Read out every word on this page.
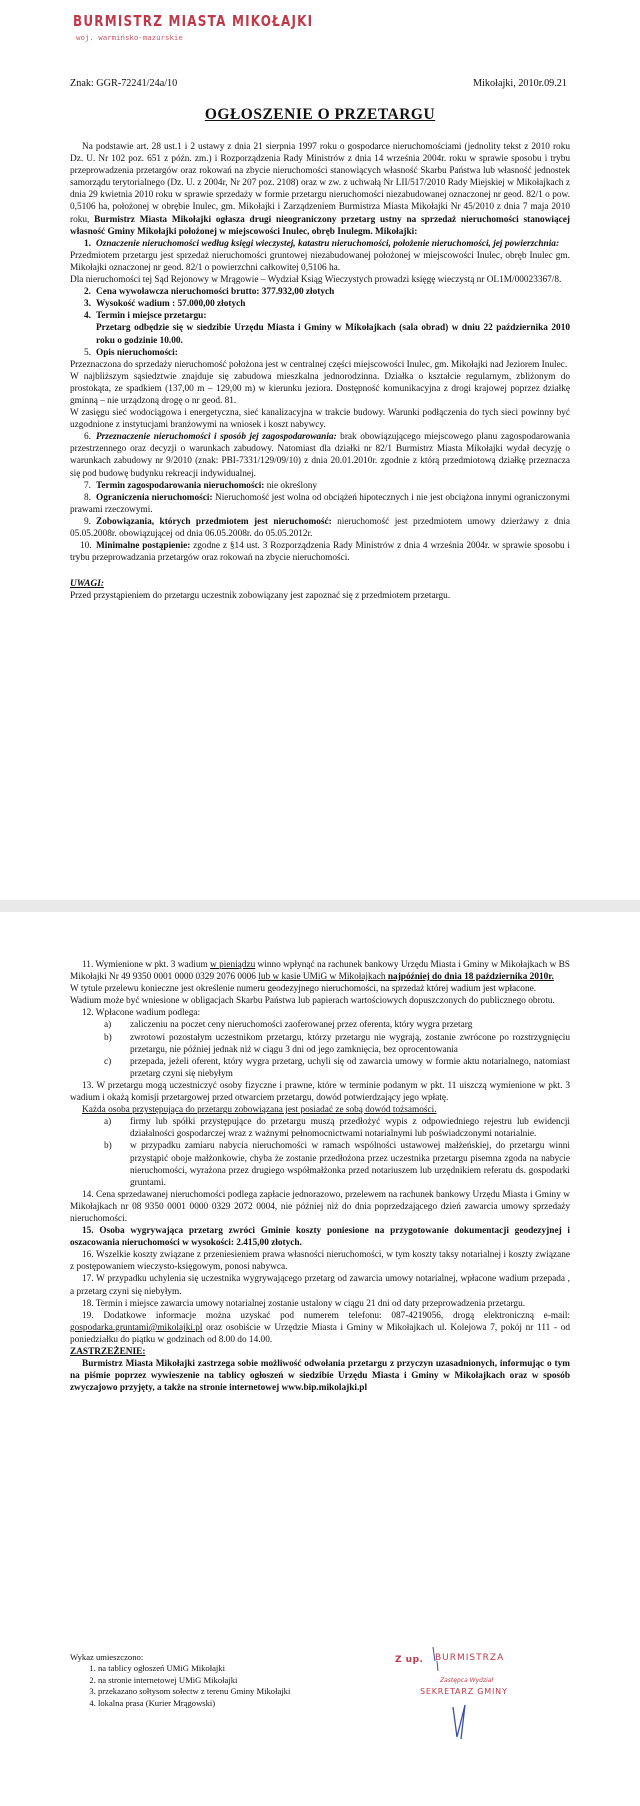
BURMISTRZ MIASTA MIKOŁAJKI
woj. warmińsko-mazurskie
Znak: GGR-72241/24a/10	Mikołajki, 2010r.09.21
OGŁOSZENIE O PRZETARGU

Na podstawie art. 28 ust.1 i 2 ustawy z dnia 21 sierpnia 1997 roku o gospodarce nieruchomościami (jednolity tekst z 2010 roku Dz. U. Nr 102 poz. 651 z późn. zm.) i Rozporządzenia Rady Ministrów z dnia 14 września 2004r. roku w sprawie sposobu i trybu przeprowadzenia przetargów oraz rokowań na zbycie nieruchomości stanowiących własność Skarbu Państwa lub własność jednostek samorządu terytorialnego (Dz. U. z 2004r, Nr 207 poz. 2108) oraz w zw. z uchwałą Nr LII/517/2010 Rady Miejskiej w Mikołajkach z dnia 29 kwietnia 2010 roku w sprawie sprzedaży w formie przetargu nieruchomości niezabudowanej oznaczonej nr geod. 82/1 o pow. 0,5106 ha, położonej w obrębie Inulec, gm. Mikołajki i Zarządzeniem Burmistrza Miasta Mikołajki Nr 45/2010 z dnia 7 maja 2010 roku, Burmistrz Miasta Mikołajki ogłasza drugi nieograniczony przetarg ustny na sprzedaż nieruchomości stanowiącej własność Gminy Mikołajki położonej w miejscowości Inulec, obręb Inulegm. Mikołajki:

1. Oznaczenie nieruchomości według księgi wieczystej, katastru nieruchomości, położenie nieruchomości, jej powierzchnia:

Przedmiotem przetargu jest sprzedaż nieruchomości gruntowej niezabudowanej położonej w miejscowości Inulec, obręb Inulec gm. Mikołajki oznaczonej nr geod. 82/1 o powierzchni całkowitej 0,5106 ha.

Dla nieruchomości tej Sąd Rejonowy w Mrągowie – Wydział Ksiąg Wieczystych prowadzi księgę wieczystą nr OL1M/00023367/8.

2. Cena wywoławcza nieruchomości brutto: 377.932,00 złotych

3. Wysokość wadium : 57.000,00 złotych

4. Termin i miejsce przetargu:

Przetarg odbędzie się w siedzibie Urzędu Miasta i Gminy w Mikołajkach (sala obrad) w dniu 22 października 2010 roku o godzinie 10.00.

5. Opis nieruchomości:

Przeznaczona do sprzedaży nieruchomość położona jest w centralnej części miejscowości Inulec, gm. Mikołajki nad Jeziorem Inulec.

W najbliższym sąsiedztwie znajduje się zabudowa mieszkalna jednorodzinna. Działka o kształcie regularnym, zbliżonym do prostokąta, ze spadkiem (137,00 m – 129,00 m) w kierunku jeziora. Dostępność komunikacyjna z drogi krajowej poprzez działkę gminną – nie urządzoną drogę o nr geod. 81.

W zasięgu sieć wodociągowa i energetyczna, sieć kanalizacyjna w trakcie budowy. Warunki podłączenia do tych sieci powinny być uzgodnione z instytucjami branżowymi na wniosek i koszt nabywcy.

6. Przeznaczenie nieruchomości i sposób jej zagospodarowania: brak obowiązującego miejscowego planu zagospodarowania przestrzennego oraz decyzji o warunkach zabudowy. Natomiast dla działki nr 82/1 Burmistrz Miasta Mikołajki wydał decyzję o warunkach zabudowy nr 9/2010 (znak: PBI-7331/129/09/10) z dnia 20.01.2010r. zgodnie z którą przedmiotową działkę przeznacza się pod budowę budynku rekreacji indywidualnej.

7. Termin zagospodarowania nieruchomości: nie określony

8. Ograniczenia nieruchomości: Nieruchomość jest wolna od obciążeń hipotecznych i nie jest obciążona innymi ograniczonymi prawami rzeczowymi.

9. Zobowiązania, których przedmiotem jest nieruchomość: nieruchomość jest przedmiotem umowy dzierżawy z dnia 05.05.2008r. obowiązującej od dnia 06.05.2008r. do 05.05.2012r.

10. Minimalne postąpienie: zgodne z §14 ust. 3 Rozporządzenia Rady Ministrów z dnia 4 września 2004r. w sprawie sposobu i trybu przeprowadzania przetargów oraz rokowań na zbycie nieruchomości.

UWAGI:

Przed przystąpieniem do przetargu uczestnik zobowiązany jest zapoznać się z przedmiotem przetargu.

11. Wymienione w pkt. 3 wadium w pieniądzu winno wpłynąć na rachunek bankowy Urzędu Miasta i Gminy w Mikołajkach w BS Mikołajki Nr 49 9350 0001 0000 0329 2076 0006 lub w kasie UMiG w Mikołajkach najpóźniej do dnia 18 października 2010r.

W tytule przelewu konieczne jest określenie numeru geodezyjnego nieruchomości, na sprzedaż której wadium jest wpłacone.

Wadium może być wniesione w obligacjach Skarbu Państwa lub papierach wartościowych dopuszczonych do publicznego obrotu.

12. Wpłacone wadium podlega:

a)	zaliczeniu na poczet ceny nieruchomości zaoferowanej przez oferenta, który wygra przetarg
b)	zwrotowi pozostałym uczestnikom przetargu, którzy przetargu nie wygrają, zostanie zwrócone po rozstrzygnięciu przetargu, nie później jednak niż w ciągu 3 dni od jego zamknięcia, bez oprocentowania
c)	przepada, jeżeli oferent, który wygra przetarg, uchyli się od zawarcia umowy w formie aktu notarialnego, natomiast przetarg czyni się niebyłym

13. W przetargu mogą uczestniczyć osoby fizyczne i prawne, które w terminie podanym w pkt. 11 uiszczą wymienione w pkt. 3 wadium i okażą komisji przetargowej przed otwarciem przetargu, dowód potwierdzający jego wpłatę.

Każda osoba przystępująca do przetargu zobowiązana jest posiadać ze sobą dowód tożsamości.

a)	firmy lub spółki przystępujące do przetargu muszą przedłożyć wypis z odpowiedniego rejestru lub ewidencji działalności gospodarczej wraz z ważnymi pełnomocnictwami notarialnymi lub poświadczonymi notarialnie.
b)	w przypadku zamiaru nabycia nieruchomości w ramach wspólności ustawowej małżeńskiej, do przetargu winni przystąpić oboje małżonkowie, chyba że zostanie przedłożona przez uczestnika przetargu pisemna zgoda na nabycie nieruchomości, wyrażona przez drugiego współmałżonka przed notariuszem lub urzędnikiem referatu ds. gospodarki gruntami.

14. Cena sprzedawanej nieruchomości podlega zapłacie jednorazowo, przelewem na rachunek bankowy Urzędu Miasta i Gminy w Mikołajkach nr 08 9350 0001 0000 0329 2072 0004, nie później niż do dnia poprzedzającego dzień zawarcia umowy sprzedaży nieruchomości.

15. Osoba wygrywająca przetarg zwróci Gminie koszty poniesione na przygotowanie dokumentacji geodezyjnej i oszacowania nieruchomości w wysokości: 2.415,00 złotych.

16. Wszelkie koszty związane z przeniesieniem prawa własności nieruchomości, w tym koszty taksy notarialnej i koszty związane z postępowaniem wieczysto-księgowym, ponosi nabywca.

17. W przypadku uchylenia się uczestnika wygrywającego przetarg od zawarcia umowy notarialnej, wpłacone wadium przepada , a przetarg czyni się niebyłym.

18. Termin i miejsce zawarcia umowy notarialnej zostanie ustalony w ciągu 21 dni od daty przeprowadzenia przetargu.

19. Dodatkowe informacje można uzyskać pod numerem telefonu: 087-4219056, drogą elektroniczną e-mail: gospodarka.gruntami@mikolajki.pl oraz osobiście w Urzędzie Miasta i Gminy w Mikołajkach ul. Kolejowa 7, pokój nr 111 - od poniedziałku do piątku w godzinach od 8.00 do 14.00.

ZASTRZEŻENIE:

Burmistrz Miasta Mikołajki zastrzega sobie możliwość odwołania przetargu z przyczyn uzasadnionych, informując o tym na piśmie poprzez wywieszenie na tablicy ogłoszeń w siedzibie Urzędu Miasta i Gminy w Mikołajkach oraz w sposób zwyczajowo przyjęty, a także na stronie internetowej www.bip.mikolajki.pl

Wykaz umieszczono:
1. na tablicy ogłoszeń UMiG Mikołajki
2. na stronie internetowej UMiG Mikołajki
3. przekazano sołtysom sołectw z terenu Gminy Mikołajki
4. lokalna prasa (Kurier Mrągowski)
Z up. BURMISTRZA
Zastępca Wydział
SEKRETARZ GMINY
